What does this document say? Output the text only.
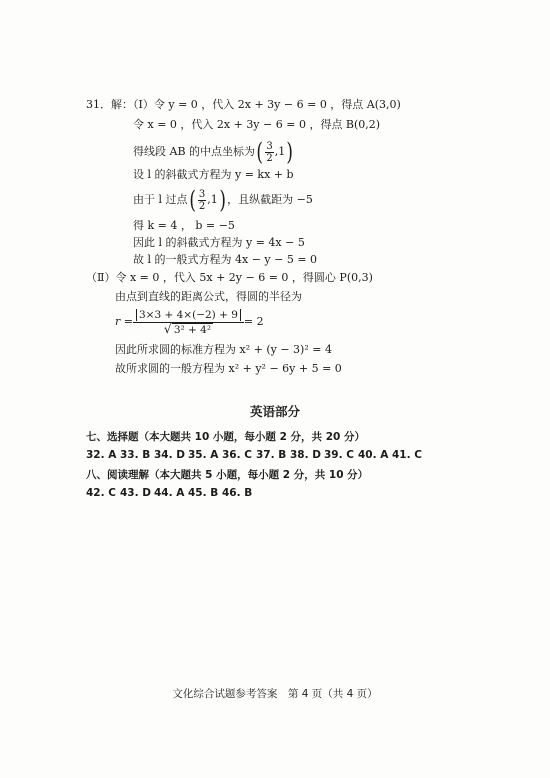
31．解：（Ⅰ）令 y = 0 ，代入 2x + 3y − 6 = 0 ，得点 A(3,0)
令 x = 0 ，代入 2x + 3y − 6 = 0 ，得点 B(0,2)
得线段 AB 的中点坐标为 ( $\frac{3}{2} ,1$ )
设 l 的斜截式方程为 y = kx + b
由于 l 过点 ( $\frac{3}{2} ,1$ ) ，且纵截距为 −5
得 k = 4 ， b = −5
因此 l 的斜截式方程为 y = 4x − 5
故 l 的一般式方程为 4x − y − 5 = 0
（Ⅱ）令 x = 0 ，代入 5x + 2y − 6 = 0 ，得圆心 P(0,3)
由点到直线的距离公式，得圆的半径为
r = 3×3 + 4×(−2) + 9
√ 3² + 4² = 2
因此所求圆的标准方程为 x² + (y − 3)² = 4
故所求圆的一般方程为 x² + y² − 6y + 5 = 0
英语部分
七、选择题（本大题共 10 小题，每小题 2 分，共 20 分）
32. A 33. B 34. D 35. A 36. C 37. B 38. D 39. C 40. A 41. C
八、阅读理解（本大题共 5 小题，每小题 2 分，共 10 分）
42. C 43. D 44. A 45. B 46. B
文化综合试题参考答案　第 4 页（共 4 页）
